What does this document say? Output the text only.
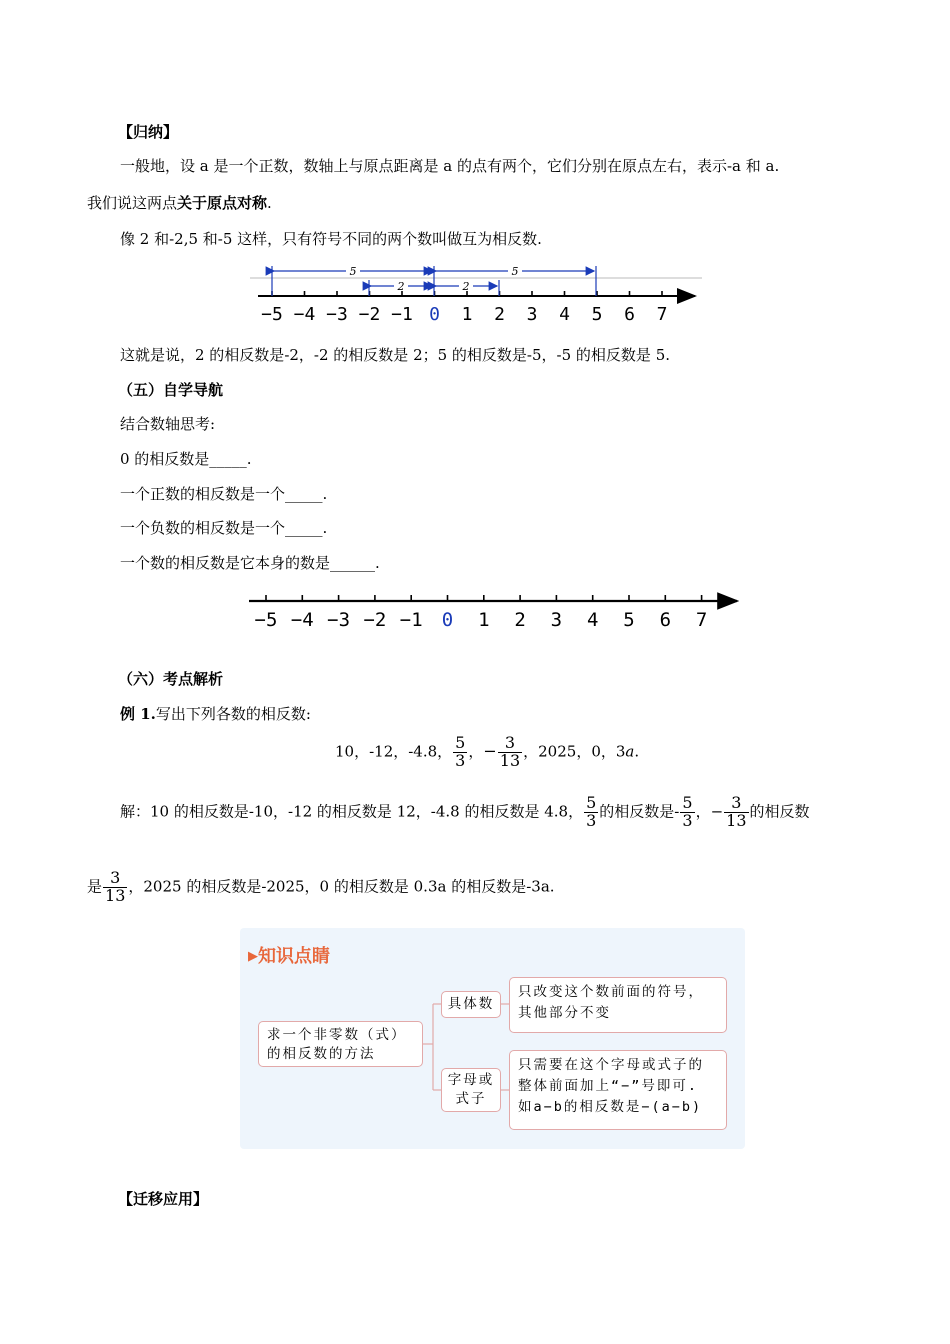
【归纳】
一般地，设 a 是一个正数，数轴上与原点距离是 a 的点有两个，它们分别在原点左右，表示-a 和 a.
我们说这两点关于原点对称.
像 2 和-2,5 和-5 这样，只有符号不同的两个数叫做互为相反数.
−5 −4 −3 −2 −1 0 1 2 3 4 5 6 7
5
2	2
5
这就是说，2 的相反数是-2，-2 的相反数是 2；5 的相反数是-5，-5 的相反数是 5.
（五）自学导航
结合数轴思考:
0 的相反数是_____.
一个正数的相反数是一个_____.
一个负数的相反数是一个_____.
一个数的相反数是它本身的数是______.
−5 −4 −3 −2 −1 0 1 2 3 4 5 6 7
（六）考点解析
例 1.写出下列各数的相反数:
10，-12，-4.8， $\frac{5}{3}$ ，− $\frac{3}{13}$ ，2025，0，3a.
解：10 的相反数是-10，-12 的相反数是 12，-4.8 的相反数是 4.8， $\frac{5}{3}$ 的相反数是- $\frac{5}{3}$ ，− $\frac{3}{13}$ 的相反数
是 $\frac{3}{13}$ ，2025 的相反数是-2025，0 的相反数是 0.3a 的相反数是-3a.
▶知识点睛
求一个非零数（式）的相反数的方法
具体数
只改变这个数前面的符号，其他部分不变
字母或式子
只需要在这个字母或式子的整体前面加上“−”号即可.
如a−b的相反数是−(a−b)
【迁移应用】
